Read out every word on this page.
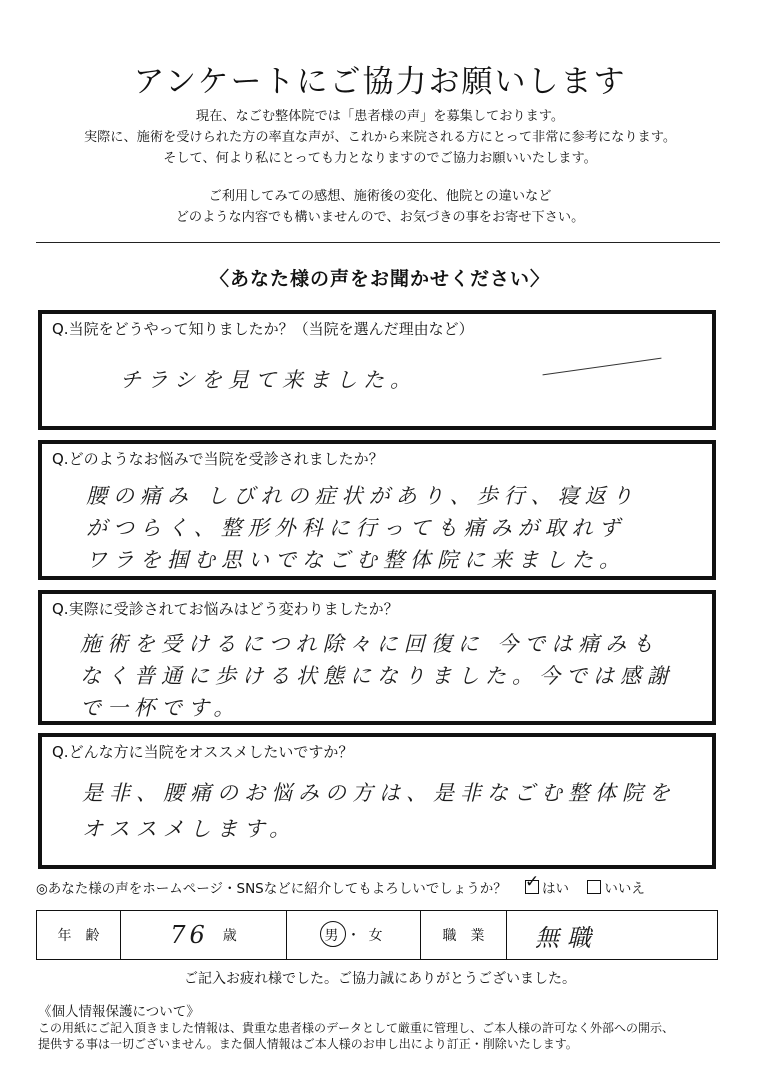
アンケートにご協力お願いします
現在、なごむ整体院では「患者様の声」を募集しております。
実際に、施術を受けられた方の率直な声が、これから来院される方にとって非常に参考になります。
そして、何より私にとっても力となりますのでご協力お願いいたします。
ご利用してみての感想、施術後の変化、他院との違いなど
どのような内容でも構いませんので、お気づきの事をお寄せ下さい。
〈あなた様の声をお聞かせください〉
Q.当院をどうやって知りましたか？（当院を選んだ理由など）
チラシを見て来ました。
Q.どのようなお悩みで当院を受診されましたか？
腰の痛み しびれの症状があり、歩行、寝返り
がつらく、整形外科に行っても痛みが取れず
ワラを掴む思いでなごむ整体院に来ました。
Q.実際に受診されてお悩みはどう変わりましたか？
施術を受けるにつれ除々に回復に 今では痛みも
なく普通に歩ける状態になりました。今では感謝
で一杯です。
Q.どんな方に当院をオススメしたいですか？
是非、腰痛のお悩みの方は、是非なごむ整体院を
オススメします。
◎あなた様の声をホームページ・SNSなどに紹介してもよろしいでしょうか？ ✓	はい	いいえ
年　齢	76 歳	男 ・ 女	職　業	無職
ご記入お疲れ様でした。ご協力誠にありがとうございました。
《個人情報保護について》
この用紙にご記入頂きました情報は、貴重な患者様のデータとして厳重に管理し、ご本人様の許可なく外部への開示、
提供する事は一切ございません。また個人情報はご本人様のお申し出により訂正・削除いたします。
